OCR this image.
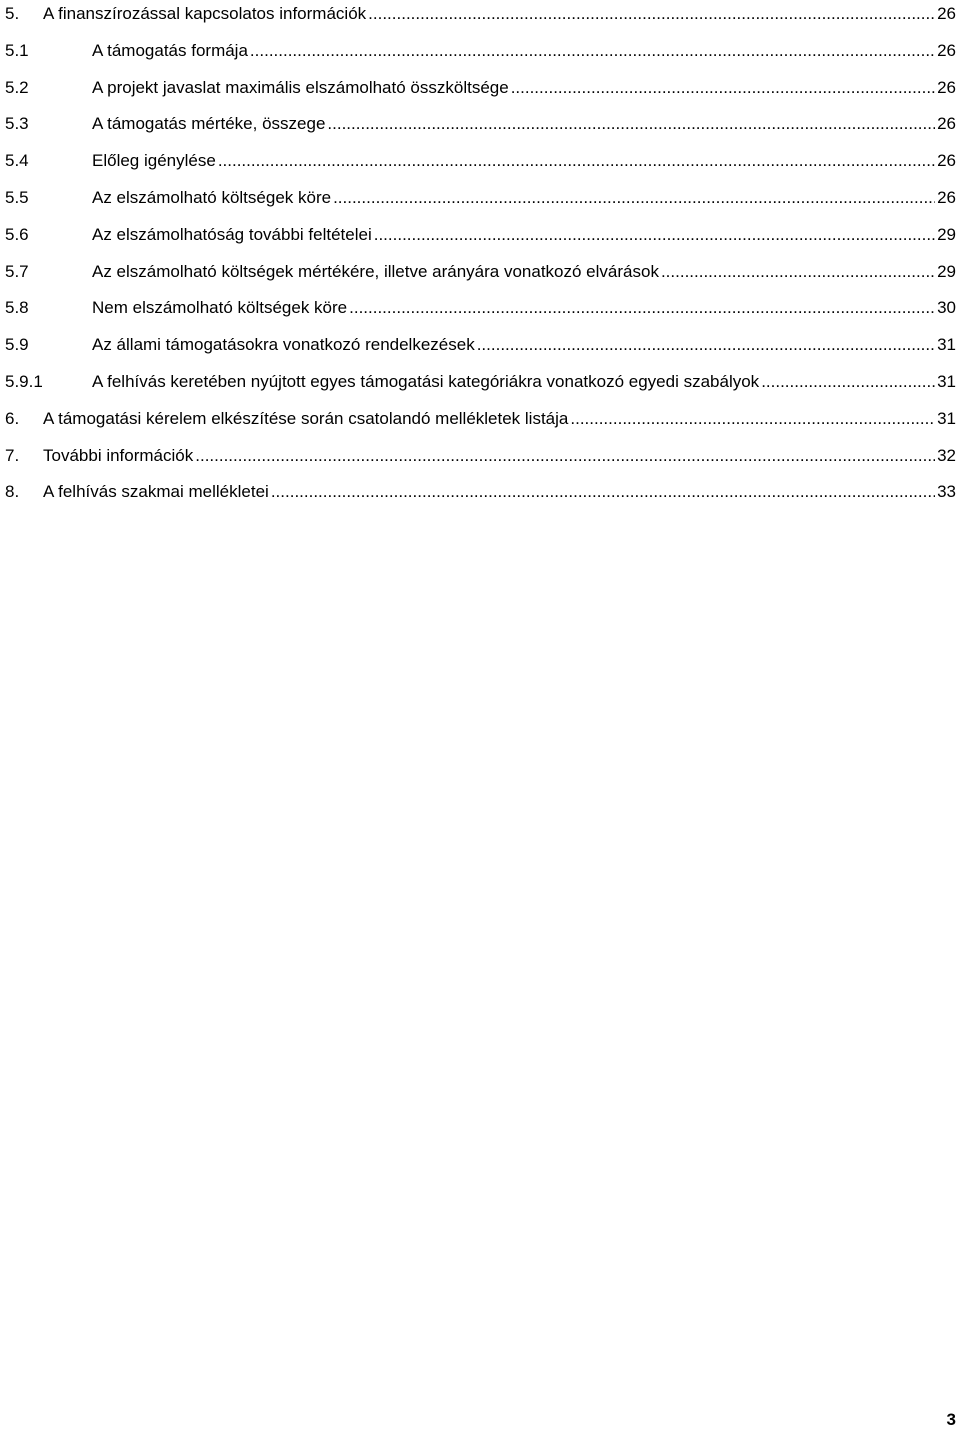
5.	A finanszírozással kapcsolatos információk .....	26
5.1	A támogatás formája .....	26
5.2	A projekt javaslat maximális elszámolható összköltsége .....	26
5.3	A támogatás mértéke, összege .....	26
5.4	Előleg igénylése .....	26
5.5	Az elszámolható költségek köre .....	26
5.6	Az elszámolhatóság további feltételei .....	29
5.7	Az elszámolható költségek mértékére, illetve arányára vonatkozó elvárások .....	29
5.8	Nem elszámolható költségek köre .....	30
5.9	Az állami támogatásokra vonatkozó rendelkezések .....	31
5.9.1	A felhívás keretében nyújtott egyes támogatási kategóriákra vonatkozó egyedi szabályok .....	31
6.	A támogatási kérelem elkészítése során csatolandó mellékletek listája .....	31
7.	További információk .....	32
8.	A felhívás szakmai mellékletei .....	33
3
